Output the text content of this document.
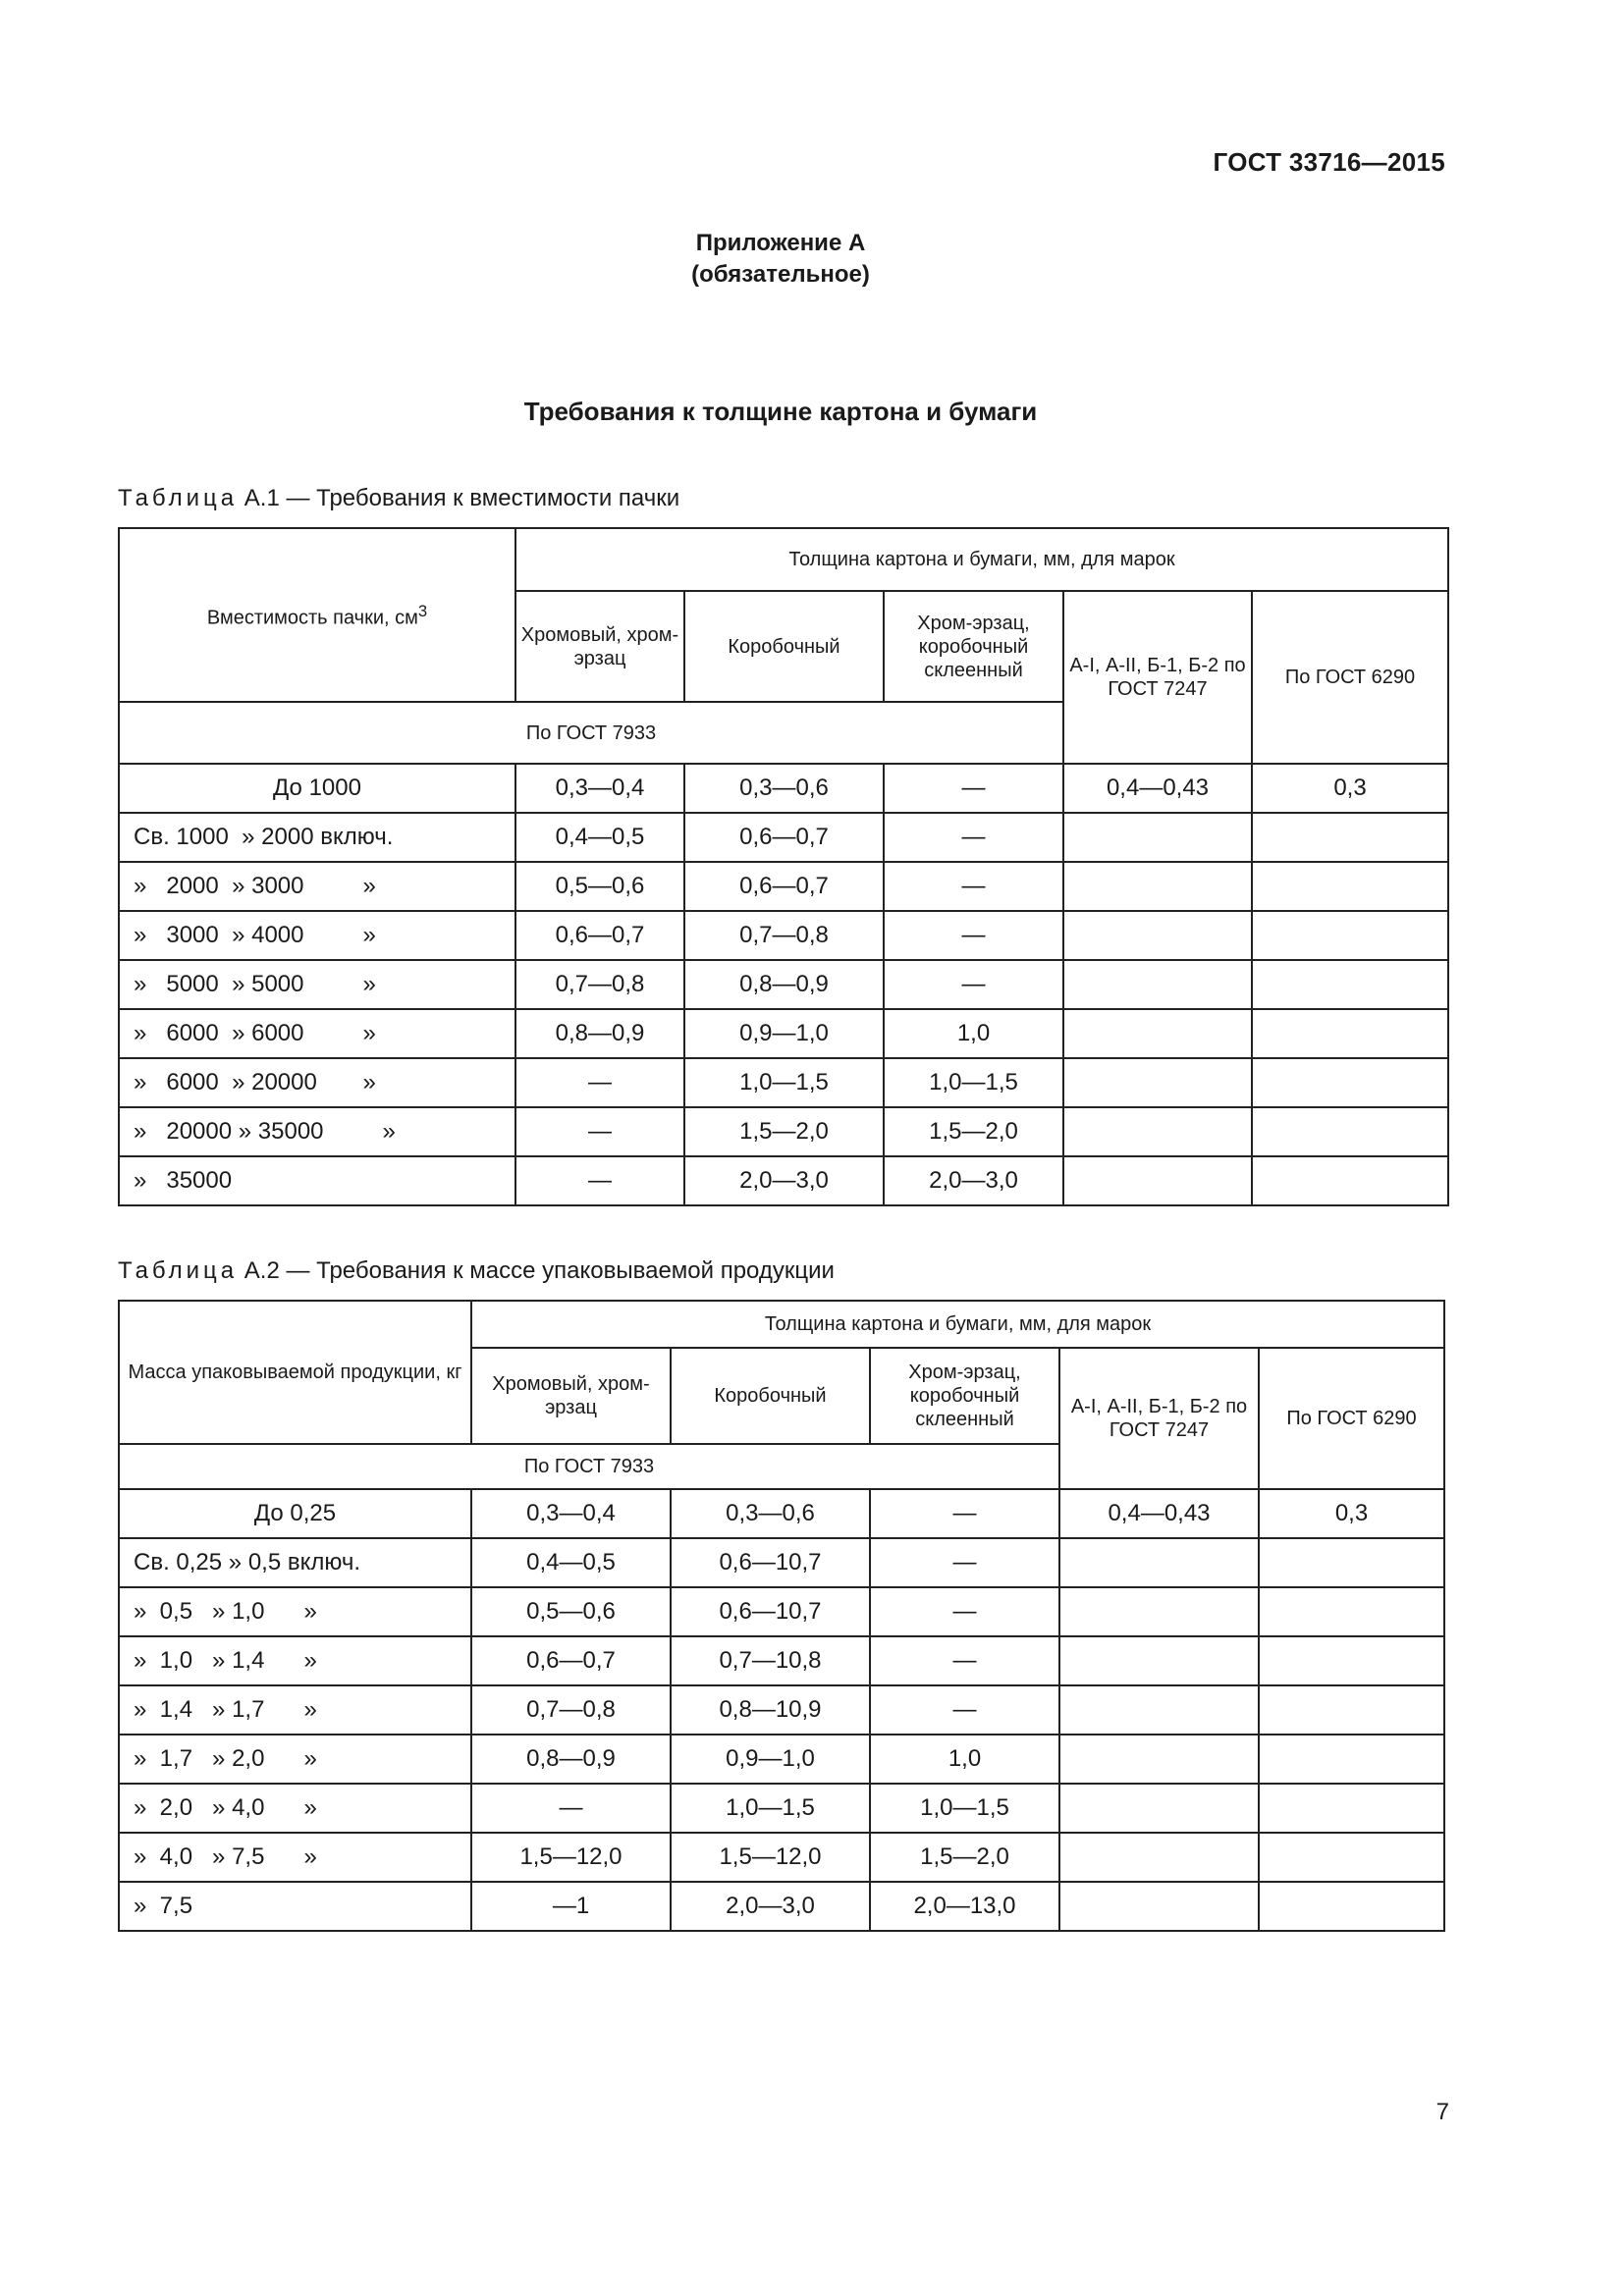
ГОСТ 33716—2015
Приложение А
(обязательное)
Требования к толщине картона и бумаги
Таблица А.1 — Требования к вместимости пачки
Вместимость пачки, $см^3$	Толщина картона и бумаги, мм, для марок				
	Хромовый, хром-эрзац	Коробочный	Хром-эрзац, коробочный склеенный	А-I, А-II, Б-1, Б-2 по ГОСТ 7247	По ГОСТ 6290
По ГОСТ 7933					
До 1000	0,3—0,4	0,3—0,6	—	0,4—0,43	0,3
Св. 1000  » 2000 включ.	0,4—0,5	0,6—0,7	—		
»   2000  » 3000         »	0,5—0,6	0,6—0,7	—		
»   3000  » 4000         »	0,6—0,7	0,7—0,8	—		
»   5000  » 5000         »	0,7—0,8	0,8—0,9	—		
»   6000  » 6000         »	0,8—0,9	0,9—1,0	1,0		
»   6000  » 20000       »	—	1,0—1,5	1,0—1,5		
»   20000 » 35000         »	—	1,5—2,0	1,5—2,0		
»   35000	—	2,0—3,0	2,0—3,0		
Таблица А.2 — Требования к массе упаковываемой продукции
Масса упаковываемой продукции, кг	Толщина картона и бумаги, мм, для марок				
	Хромовый, хром-эрзац	Коробочный	Хром-эрзац, коробочный склеенный	А-I, А-II, Б-1, Б-2 по ГОСТ 7247	По ГОСТ 6290
По ГОСТ 7933					
До 0,25	0,3—0,4	0,3—0,6	—	0,4—0,43	0,3
Св. 0,25 » 0,5 включ.	0,4—0,5	0,6—10,7	—		
»  0,5   » 1,0      »	0,5—0,6	0,6—10,7	—		
»  1,0   » 1,4      »	0,6—0,7	0,7—10,8	—		
»  1,4   » 1,7      »	0,7—0,8	0,8—10,9	—		
»  1,7   » 2,0      »	0,8—0,9	0,9—1,0	1,0		
»  2,0   » 4,0      »	—	1,0—1,5	1,0—1,5		
»  4,0   » 7,5      »	1,5—12,0	1,5—12,0	1,5—2,0		
»  7,5	—1	2,0—3,0	2,0—13,0		
7
